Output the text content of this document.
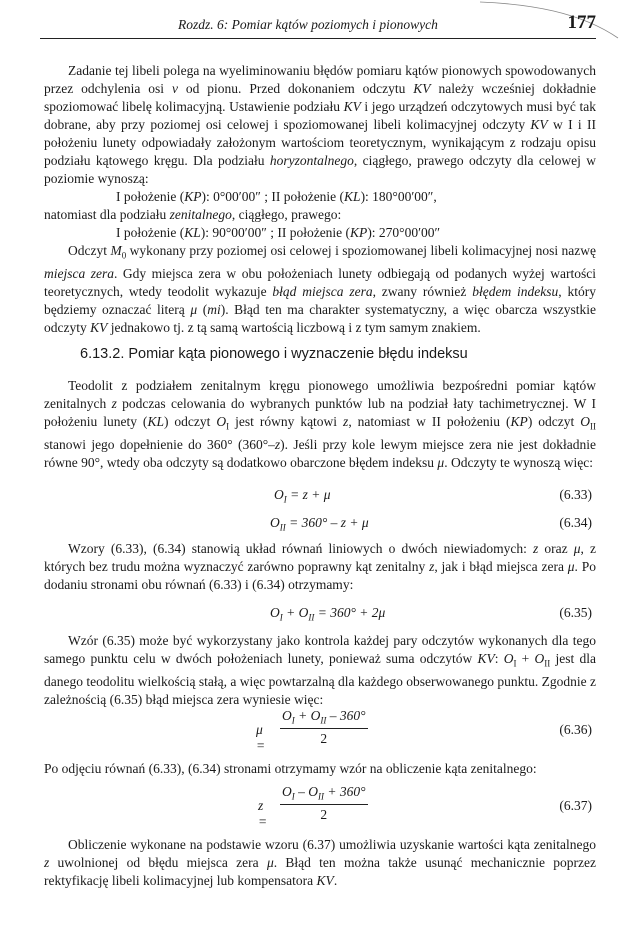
Rozdz. 6: Pomiar kątów poziomych i pionowych	177

Zadanie tej libeli polega na wyeliminowaniu błędów pomiaru kątów pionowych spowodowanych przez odchylenia osi v od pionu. Przed dokonaniem odczytu KV należy wcześniej dokładnie spoziomować libelę kolimacyjną. Ustawienie podziału KV i jego urządzeń odczytowych musi być tak dobrane, aby przy poziomej osi celowej i spoziomowanej libeli kolimacyjnej odczyty KV w I i II położeniu lunety odpowiadały założonym wartościom teoretycznym, wynikającym z rodzaju opisu podziału kątowego kręgu. Dla podziału horyzontalnego, ciągłego, prawego odczyty dla celowej w poziomie wynoszą:

I położenie (KP): 0°00′00″ ; II położenie (KL): 180°00′00″,

natomiast dla podziału zenitalnego, ciągłego, prawego:

I położenie (KL): 90°00′00″ ; II położenie (KP): 270°00′00″

Odczyt $M_0$ wykonany przy poziomej osi celowej i spoziomowanej libeli kolimacyjnej nosi nazwę miejsca zera. Gdy miejsca zera w obu położeniach lunety odbiegają od podanych wyżej wartości teoretycznych, wtedy teodolit wykazuje błąd miejsca zera, zwany również błędem indeksu, który będziemy oznaczać literą μ (mi). Błąd ten ma charakter systematyczny, a więc obarcza wszystkie odczyty KV jednakowo tj. z tą samą wartością liczbową i z tym samym znakiem.

6.13.2. Pomiar kąta pionowego i wyznaczenie błędu indeksu

Teodolit z podziałem zenitalnym kręgu pionowego umożliwia bezpośredni pomiar kątów zenitalnych z podczas celowania do wybranych punktów lub na podział łaty tachimetrycznej. W I położeniu lunety (KL) odczyt $O_I$ jest równy kątowi z, natomiast w II położeniu (KP) odczyt $O_{II}$ stanowi jego dopełnienie do 360° (360°–z). Jeśli przy kole lewym miejsce zera nie jest dokładnie równe 90°, wtedy oba odczyty są dodatkowo obarczone błędem indeksu μ. Odczyty te wynoszą więc:

$O_I = z + \mu$	(6.33)
$O_{II} = 360^\circ - z + \mu$	(6.34)

Wzory (6.33), (6.34) stanowią układ równań liniowych o dwóch niewiadomych: z oraz μ, z których bez trudu można wyznaczyć zarówno poprawny kąt zenitalny z, jak i błąd miejsca zera μ. Po dodaniu stronami obu równań (6.33) i (6.34) otrzymamy:

$O_I + O_{II} = 360^\circ + 2\mu$	(6.35)

Wzór (6.35) może być wykorzystany jako kontrola każdej pary odczytów wykonanych dla tego samego punktu celu w dwóch położeniach lunety, ponieważ suma odczytów KV: $O_I + O_{II}$ jest dla danego teodolitu wielkością stałą, a więc powtarzalną dla każdego obserwowanego punktu. Zgodnie z zależnością (6.35) błąd miejsca zera wyniesie więc:

μ =
$O_I + O_{II} - 360^\circ$
2
(6.36)

Po odjęciu równań (6.33), (6.34) stronami otrzymamy wzór na obliczenie kąta zenitalnego:

z =
$O_I - O_{II} + 360^\circ$
2
(6.37)

Obliczenie wykonane na podstawie wzoru (6.37) umożliwia uzyskanie wartości kąta zenitalnego z uwolnionej od błędu miejsca zera μ. Błąd ten można także usunąć mechanicznie poprzez rektyfikację libeli kolimacyjnej lub kompensatora KV.
